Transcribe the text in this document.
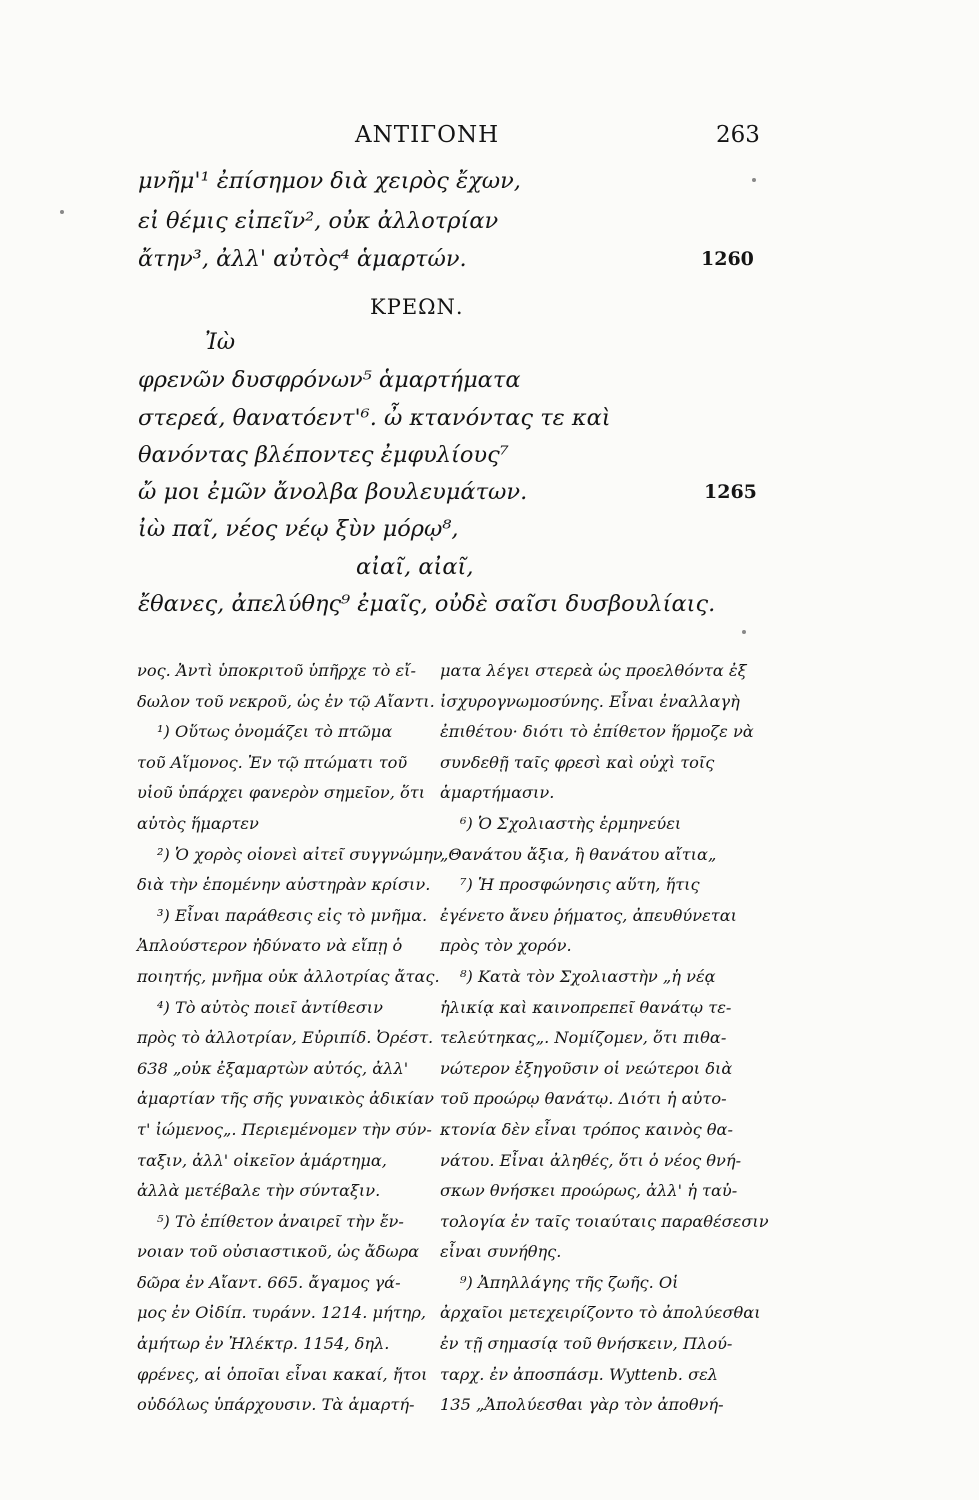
ΑΝΤΙΓΟΝΗ	263
μνῆμ'¹ ἐπίσημον διὰ χειρὸς ἔχων,
εἰ θέμις εἰπεῖν², οὐκ ἀλλοτρίαν
ἄτην³, ἀλλ' αὐτὸς⁴ ἁμαρτών.	1260
ΚΡΕΩΝ.
Ἰὼ
φρενῶν δυσφρόνων⁵ ἁμαρτήματα
στερεά, θανατόεντ'⁶. ὦ κτανόντας τε καὶ
θανόντας βλέποντες ἐμφυλίους⁷
ὤ μοι ἐμῶν ἄνολβα βουλευμάτων.	1265
ἰὼ παῖ, νέος νέῳ ξὺν μόρῳ⁸,
αἰαῖ, αἰαῖ,
ἔθανες, ἀπελύθης⁹ ἐμαῖς, οὐδὲ σαῖσι δυσβουλίαις.
νος. Ἀντὶ ὑποκριτοῦ ὑπῆρχε τὸ εἴ-
δωλον τοῦ νεκροῦ, ὡς ἐν τῷ Αἴαντι.
¹) Οὕτως ὀνομάζει τὸ πτῶμα
τοῦ Αἵμονος. Ἐν τῷ πτώματι τοῦ
υἱοῦ ὑπάρχει φανερὸν σημεῖον, ὅτι
αὐτὸς ἥμαρτεν
²) Ὁ χορὸς οἱονεὶ αἰτεῖ συγγνώμην
διὰ τὴν ἑπομένην αὐστηρὰν κρίσιν.
³) Εἶναι παράθεσις εἰς τὸ μνῆμα.
Ἁπλούστερον ἠδύνατο νὰ εἴπῃ ὁ
ποιητής, μνῆμα οὐκ ἀλλοτρίας ἄτας.
⁴) Τὸ αὐτὸς ποιεῖ ἀντίθεσιν
πρὸς τὸ ἀλλοτρίαν, Εὐριπίδ. Ὀρέστ.
638 „οὐκ ἐξαμαρτὼν αὐτός, ἀλλ'
ἁμαρτίαν τῆς σῆς γυναικὸς ἀδικίαν
τ' ἰώμενος„. Περιεμένομεν τὴν σύν-
ταξιν, ἀλλ' οἰκεῖον ἁμάρτημα,
ἀλλὰ μετέβαλε τὴν σύνταξιν.
⁵) Τὸ ἐπίθετον ἀναιρεῖ τὴν ἔν-
νοιαν τοῦ οὐσιαστικοῦ, ὡς ἄδωρα
δῶρα ἐν Αἴαντ. 665. ἄγαμος γά-
μος ἐν Οἰδίπ. τυράνν. 1214. μήτηρ,
ἀμήτωρ ἐν Ἠλέκτρ. 1154, δηλ.
φρένες, αἱ ὁποῖαι εἶναι κακαί, ἤτοι
οὐδόλως ὑπάρχουσιν. Τὰ ἁμαρτή-
ματα λέγει στερεὰ ὡς προελθόντα ἐξ
ἰσχυρογνωμοσύνης. Εἶναι ἐναλλαγὴ
ἐπιθέτου· διότι τὸ ἐπίθετον ἥρμοζε νὰ
συνδεθῇ ταῖς φρεσὶ καὶ οὐχὶ τοῖς
ἁμαρτήμασιν.
⁶) Ὁ Σχολιαστὴς ἑρμηνεύει
„Θανάτου ἄξια, ἢ θανάτου αἴτια„
⁷) Ἡ προσφώνησις αὕτη, ἥτις
ἐγένετο ἄνευ ῥήματος, ἀπευθύνεται
πρὸς τὸν χορόν.
⁸) Κατὰ τὸν Σχολιαστὴν „ἡ νέᾳ
ἡλικίᾳ καὶ καινοπρεπεῖ θανάτῳ τε-
τελεύτηκας„. Νομίζομεν, ὅτι πιθα-
νώτερον ἐξηγοῦσιν οἱ νεώτεροι διὰ
τοῦ προώρῳ θανάτῳ. Διότι ἡ αὐτο-
κτονία δὲν εἶναι τρόπος καινὸς θα-
νάτου. Εἶναι ἀληθές, ὅτι ὁ νέος θνή-
σκων θνήσκει προώρως, ἀλλ' ἡ ταὐ-
τολογία ἐν ταῖς τοιαύταις παραθέσεσιν
εἶναι συνήθης.
⁹) Ἀπηλλάγης τῆς ζωῆς. Οἱ
ἀρχαῖοι μετεχειρίζοντο τὸ ἀπολύεσθαι
ἐν τῇ σημασίᾳ τοῦ θνήσκειν, Πλού-
ταρχ. ἐν ἀποσπάσμ. Wyttenb. σελ
135 „Ἀπολύεσθαι γὰρ τὸν ἀποθνή-
